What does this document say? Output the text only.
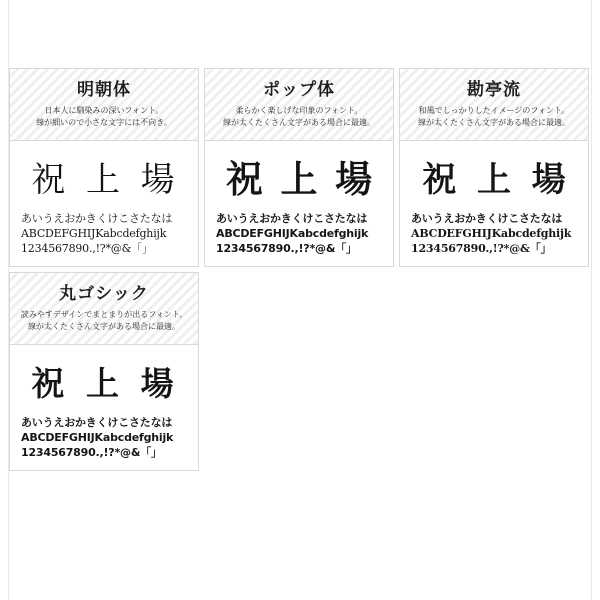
明朝体
日本人に馴染みの深いフォント。
線が細いので小さな文字には不向き。
祝 上 場
あいうえおかきくけこさたなは
ABCDEFGHIJKabcdefghijk
1234567890.,!?*@&「」
ポップ体
柔らかく楽しげな印象のフォント。
線が太くたくさん文字がある場合に最適。
祝 上 場
あいうえおかきくけこさたなは
ABCDEFGHIJKabcdefghijk
1234567890.,!?*@&「」
勘亭流
和風でしっかりしたイメージのフォント。
線が太くたくさん文字がある場合に最適。
祝 上 場
あいうえおかきくけこさたなは
ABCDEFGHIJKabcdefghijk
1234567890.,!?*@&「」
丸ゴシック
読みやすデザインでまとまりが出るフォント。
線が太くたくさん文字がある場合に最適。
祝 上 場
あいうえおかきくけこさたなは
ABCDEFGHIJKabcdefghijk
1234567890.,!?*@&「」
